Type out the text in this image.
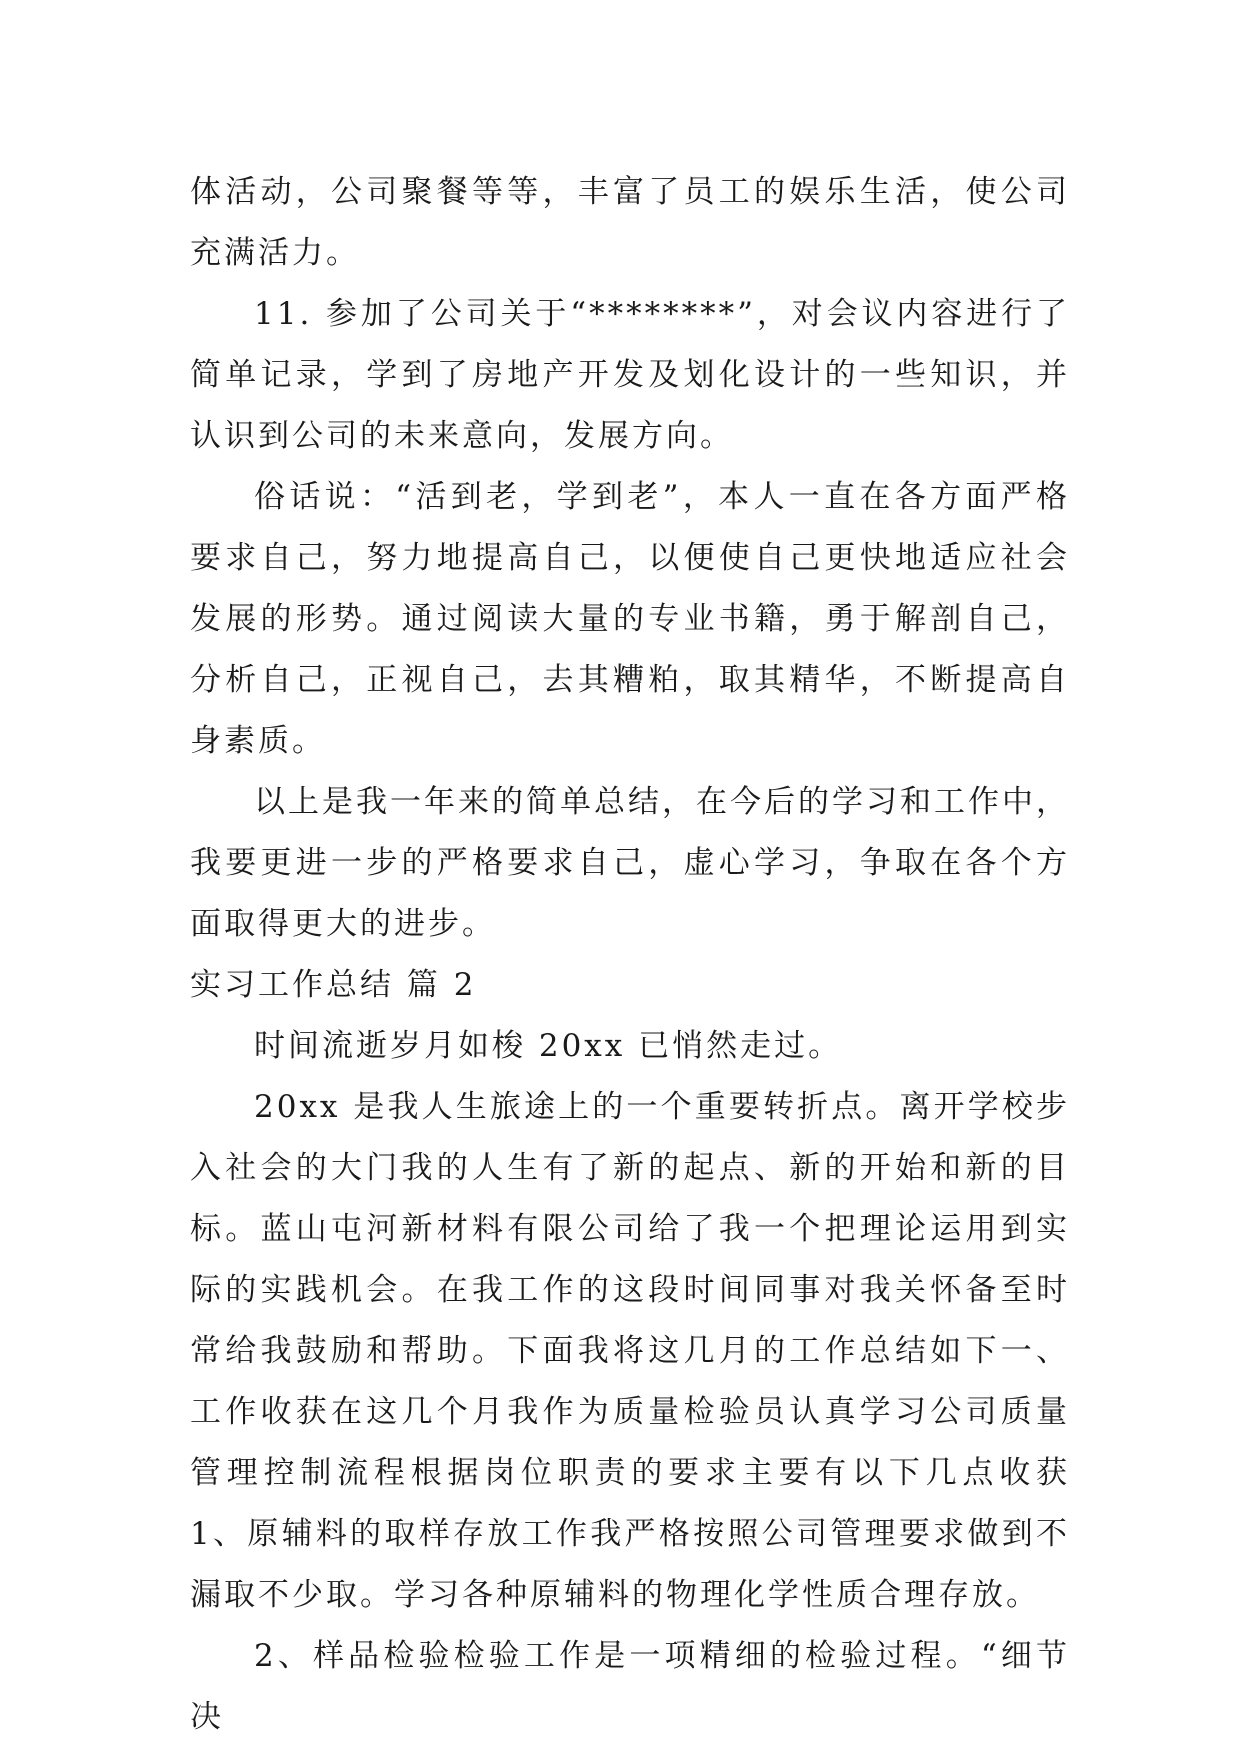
体活动，公司聚餐等等，丰富了员工的娱乐生活，使公司充满活力。

11. 参加了公司关于“********”，对会议内容进行了简单记录，学到了房地产开发及划化设计的一些知识，并认识到公司的未来意向，发展方向。

俗话说：“活到老，学到老”，本人一直在各方面严格要求自己，努力地提高自己，以便使自己更快地适应社会发展的形势。通过阅读大量的专业书籍，勇于解剖自己，分析自己，正视自己，去其糟粕，取其精华，不断提高自身素质。

以上是我一年来的简单总结，在今后的学习和工作中，我要更进一步的严格要求自己，虚心学习，争取在各个方面取得更大的进步。

实习工作总结 篇 2

时间流逝岁月如梭 20xx 已悄然走过。

20xx 是我人生旅途上的一个重要转折点。离开学校步入社会的大门我的人生有了新的起点、新的开始和新的目标。蓝山屯河新材料有限公司给了我一个把理论运用到实际的实践机会。在我工作的这段时间同事对我关怀备至时常给我鼓励和帮助。下面我将这几月的工作总结如下一、工作收获在这几个月我作为质量检验员认真学习公司质量管理控制流程根据岗位职责的要求主要有以下几点收获 1、原辅料的取样存放工作我严格按照公司管理要求做到不漏取不少取。学习各种原辅料的物理化学性质合理存放。

2、样品检验检验工作是一项精细的检验过程。“细节决
